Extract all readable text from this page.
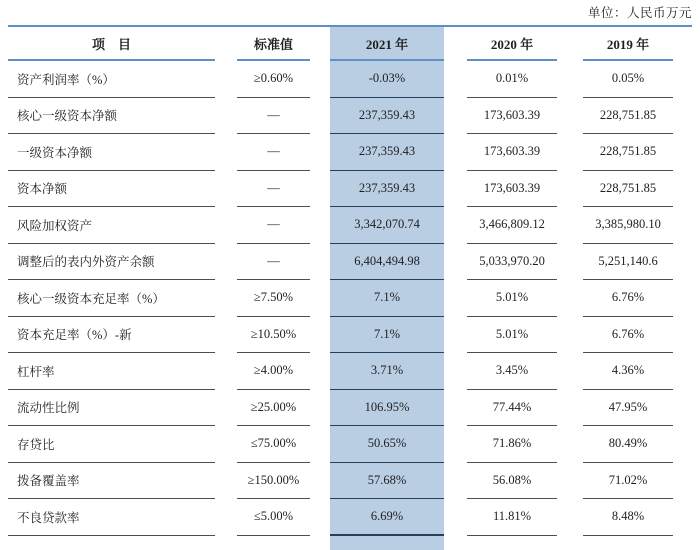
单位：人民币万元
项　目	标准值	2021 年	2020 年	2019 年
资产利润率（%）	≥0.60%	-0.03%	0.01%	0.05%
核心一级资本净额	—	237,359.43	173,603.39	228,751.85
一级资本净额	—	237,359.43	173,603.39	228,751.85
资本净额	—	237,359.43	173,603.39	228,751.85
风险加权资产	—	3,342,070.74	3,466,809.12	3,385,980.10
调整后的表内外资产余额	—	6,404,494.98	5,033,970.20	5,251,140.6
核心一级资本充足率（%）	≥7.50%	7.1%	5.01%	6.76%
资本充足率（%）-新	≥10.50%	7.1%	5.01%	6.76%
杠杆率	≥4.00%	3.71%	3.45%	4.36%
流动性比例	≥25.00%	106.95%	77.44%	47.95%
存贷比	≤75.00%	50.65%	71.86%	80.49%
拨备覆盖率	≥150.00%	57.68%	56.08%	71.02%
不良贷款率	≤5.00%	6.69%	11.81%	8.48%
